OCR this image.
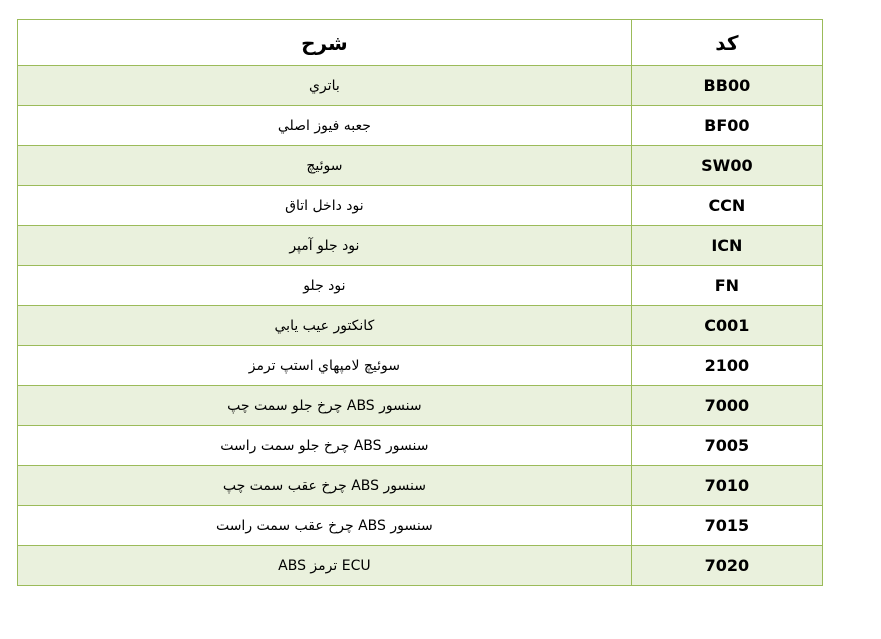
شرح	کد
باتري	BB00
جعبه فيوز اصلي	BF00
سوئيچ	SW00
نود داخل اتاق	CCN
نود جلو آمپر	ICN
نود جلو	FN
كانكتور عيب يابي	C001
سوئيچ لامپهاي استپ ترمز	2100
سنسور ABS چرخ جلو سمت چپ	7000
سنسور ABS چرخ جلو سمت راست	7005
سنسور ABS چرخ عقب سمت چپ	7010
سنسور ABS چرخ عقب سمت راست	7015
ECU ترمز ABS	7020
